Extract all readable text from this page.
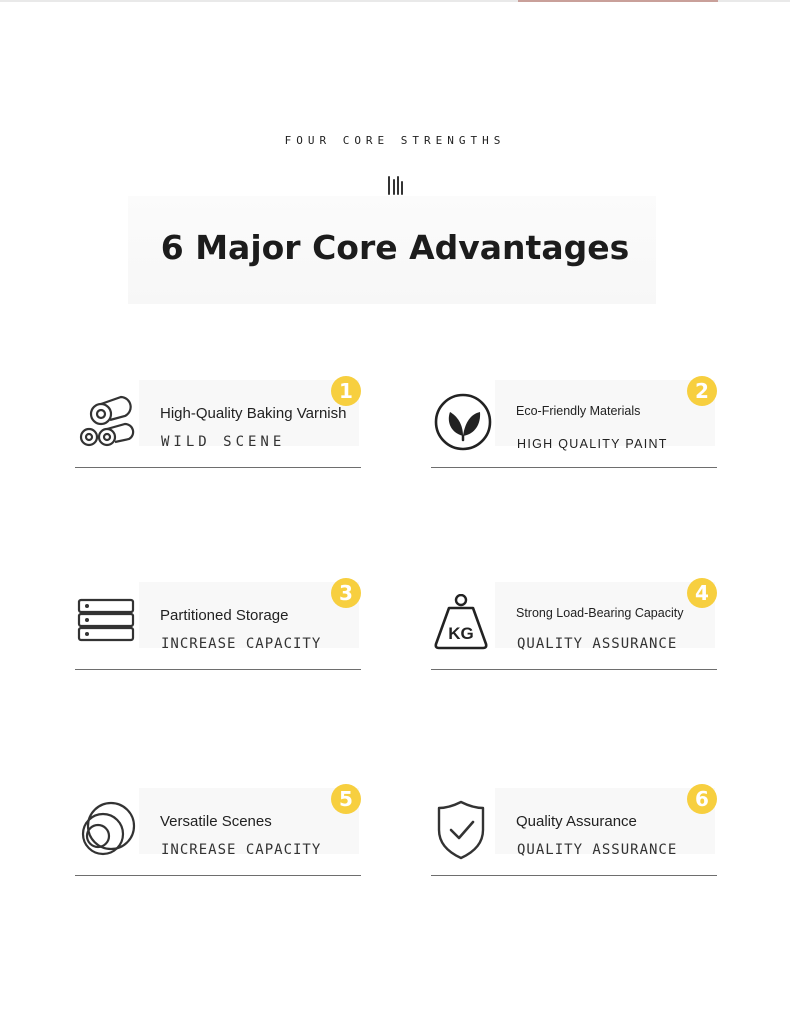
FOUR CORE STRENGTHS
6 Major Core Advantages
High-Quality Baking Varnish
WILD SCENE
1
Eco-Friendly Materials
HIGH QUALITY PAINT
2
Partitioned Storage
INCREASE CAPACITY
3
KG
Strong Load-Bearing Capacity
QUALITY ASSURANCE
4
Versatile Scenes
INCREASE CAPACITY
5
Quality Assurance
QUALITY ASSURANCE
6
